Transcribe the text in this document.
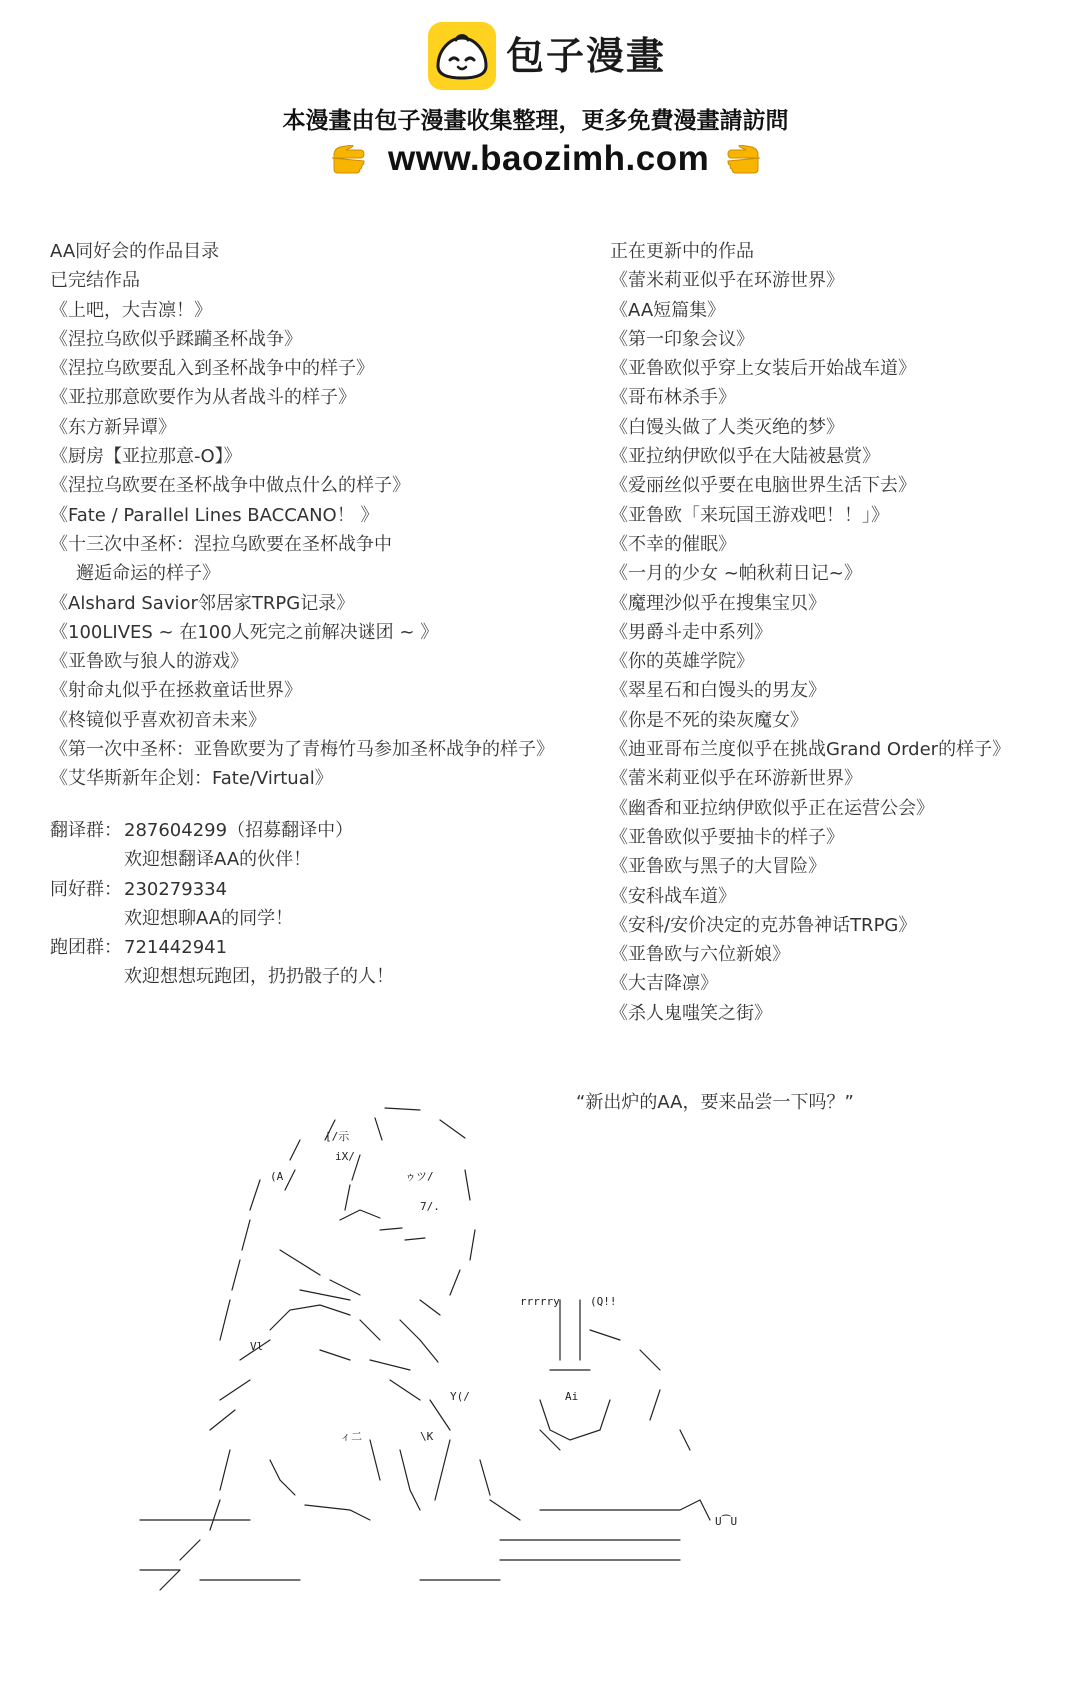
包子漫畫
本漫畫由包子漫畫收集整理，更多免費漫畫請訪問
www.baozimh.com
AA同好会的作品目录
已完结作品
《上吧，大吉凛！》
《涅拉乌欧似乎蹂躏圣杯战争》
《涅拉乌欧要乱入到圣杯战争中的样子》
《亚拉那意欧要作为从者战斗的样子》
《东方新异谭》
《厨房【亚拉那意-O】》
《涅拉乌欧要在圣杯战争中做点什么的样子》
《Fate / Parallel Lines BACCANO！ 》
《十三次中圣杯：涅拉乌欧要在圣杯战争中
邂逅命运的样子》
《Alshard Savior邻居家TRPG记录》
《100LIVES ~ 在100人死完之前解决谜团 ~ 》
《亚鲁欧与狼人的游戏》
《射命丸似乎在拯救童话世界》
《柊镜似乎喜欢初音未来》
《第一次中圣杯：亚鲁欧要为了青梅竹马参加圣杯战争的样子》
《艾华斯新年企划：Fate/Virtual》
翻译群： 287604299（招募翻译中）
欢迎想翻译AA的伙伴！
同好群： 230279334
欢迎想聊AA的同学！
跑团群： 721442941
欢迎想想玩跑团，扔扔骰子的人！
正在更新中的作品
《蕾米莉亚似乎在环游世界》
《AA短篇集》
《第一印象会议》
《亚鲁欧似乎穿上女装后开始战车道》
《哥布林杀手》
《白馒头做了人类灭绝的梦》
《亚拉纳伊欧似乎在大陆被悬赏》
《爱丽丝似乎要在电脑世界生活下去》
《亚鲁欧「来玩国王游戏吧！！」》
《不幸的催眠》
《一月的少女 ~帕秋莉日记~》
《魔理沙似乎在搜集宝贝》
《男爵斗走中系列》
《你的英雄学院》
《翠星石和白馒头的男友》
《你是不死的染灰魔女》
《迪亚哥布兰度似乎在挑战Grand Order的样子》
《蕾米莉亚似乎在环游新世界》
《幽香和亚拉纳伊欧似乎正在运营公会》
《亚鲁欧似乎要抽卡的样子》
《亚鲁欧与黑子的大冒险》
《安科战车道》
《安科/安价决定的克苏鲁神话TRPG》
《亚鲁欧与六位新娘》
《大吉降凛》
《杀人鬼嗤笑之街》
“新出炉的AA，要来品尝一下吗？”
rrrrry	(Q!!
U⁀U
Ai
Y(/
\K
[/示
iX/
ゥツ/
7/.
ィ二
(A
Vl
